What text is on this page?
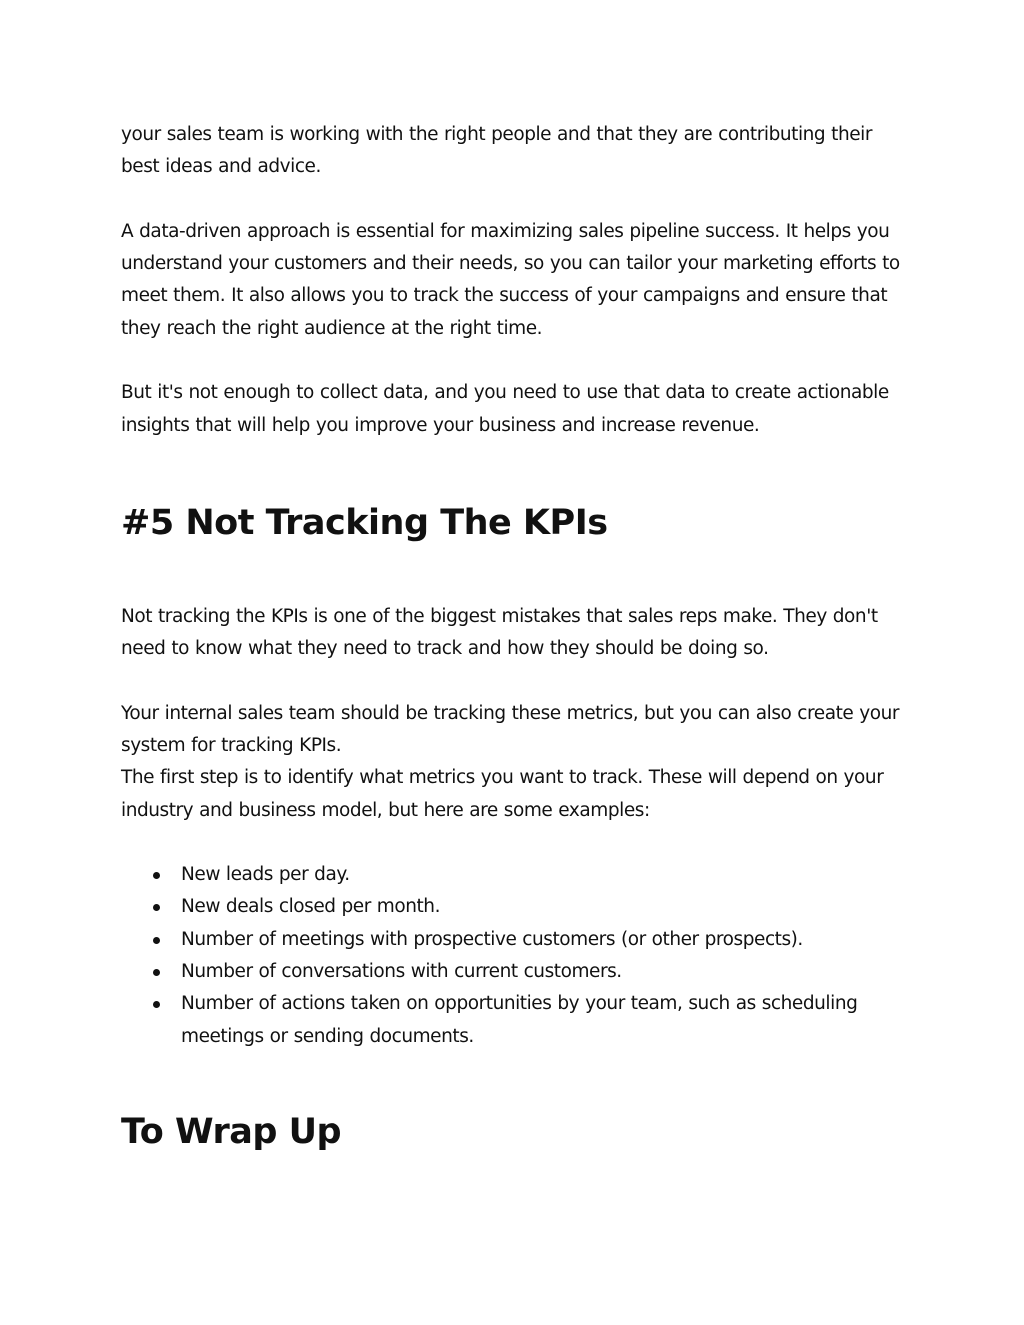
your sales team is working with the right people and that they are contributing their best ideas and advice.

A data-driven approach is essential for maximizing sales pipeline success. It helps you understand your customers and their needs, so you can tailor your marketing efforts to meet them. It also allows you to track the success of your campaigns and ensure that they reach the right audience at the right time.

But it's not enough to collect data, and you need to use that data to create actionable insights that will help you improve your business and increase revenue.

#5 Not Tracking The KPIs

Not tracking the KPIs is one of the biggest mistakes that sales reps make. They don't need to know what they need to track and how they should be doing so.

Your internal sales team should be tracking these metrics, but you can also create your system for tracking KPIs.

The first step is to identify what metrics you want to track. These will depend on your industry and business model, but here are some examples:

New leads per day.
New deals closed per month.
Number of meetings with prospective customers (or other prospects).
Number of conversations with current customers.
Number of actions taken on opportunities by your team, such as scheduling meetings or sending documents.
To Wrap Up
